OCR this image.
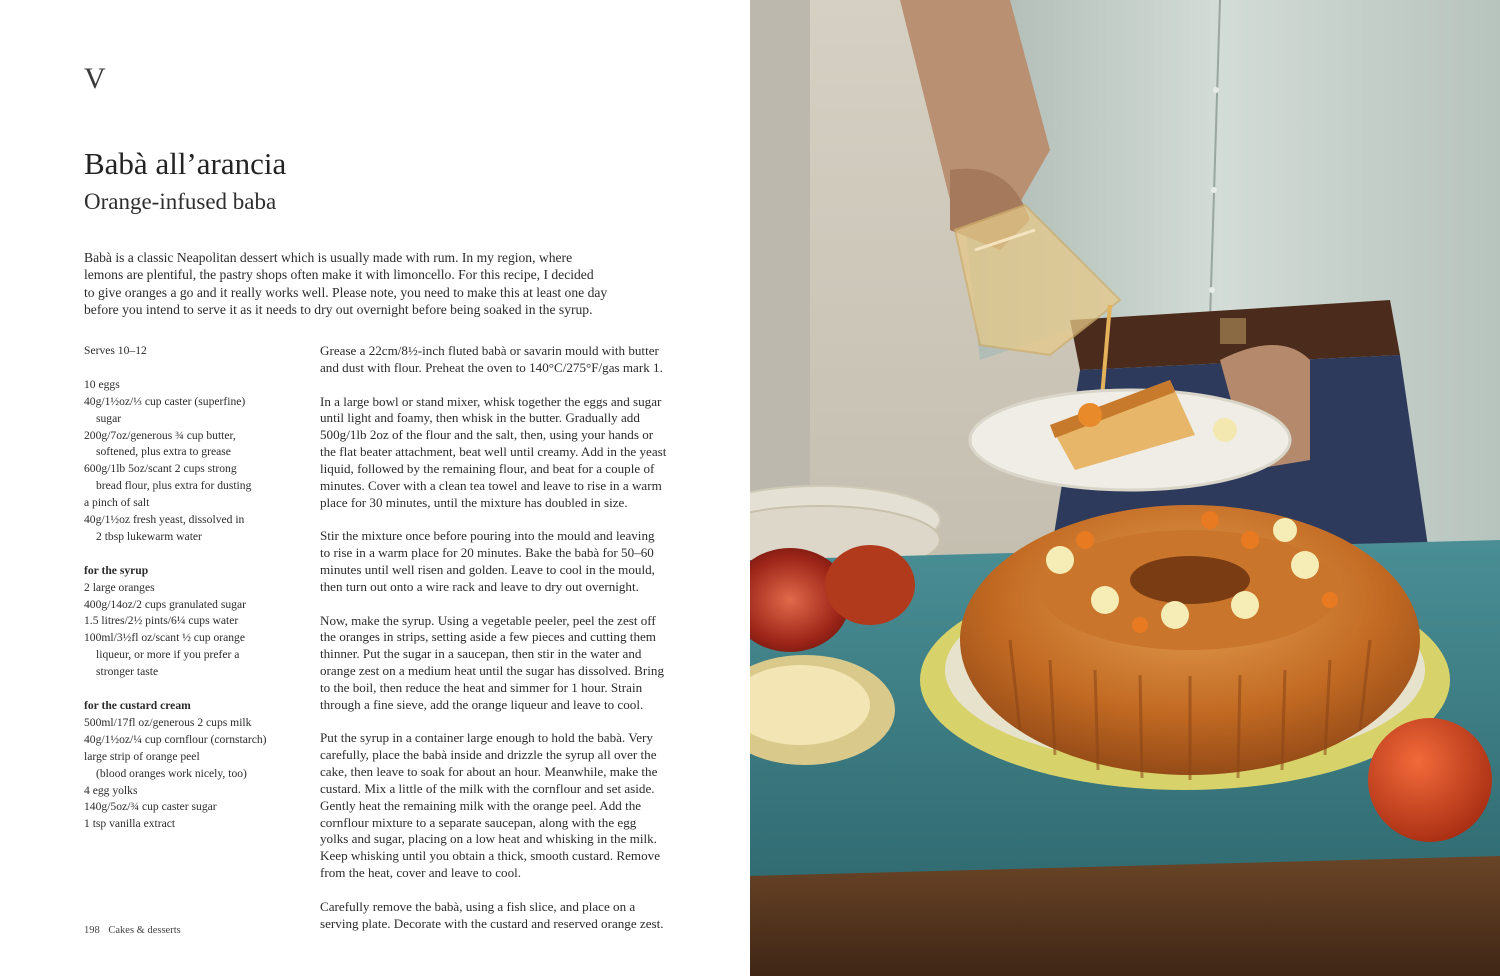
V
Babà all’arancia
Orange-infused baba
Babà is a classic Neapolitan dessert which is usually made with rum. In my region, where
lemons are plentiful, the pastry shops often make it with limoncello. For this recipe, I decided
to give oranges a go and it really works well. Please note, you need to make this at least one day
before you intend to serve it as it needs to dry out overnight before being soaked in the syrup.
Serves 10–12
10 eggs
40g/1½oz/⅓ cup caster (superfine)
sugar
200g/7oz/generous ¾ cup butter,
softened, plus extra to grease
600g/1lb 5oz/scant 2 cups strong
bread flour, plus extra for dusting
a pinch of salt
40g/1½oz fresh yeast, dissolved in
2 tbsp lukewarm water
for the syrup
2 large oranges
400g/14oz/2 cups granulated sugar
1.5 litres/2½ pints/6¼ cups water
100ml/3½fl oz/scant ½ cup orange
liqueur, or more if you prefer a
stronger taste
for the custard cream
500ml/17fl oz/generous 2 cups milk
40g/1½oz/¼ cup cornflour (cornstarch)
large strip of orange peel
(blood oranges work nicely, too)
4 egg yolks
140g/5oz/¾ cup caster sugar
1 tsp vanilla extract
Grease a 22cm/8½-inch fluted babà or savarin mould with butter
and dust with flour. Preheat the oven to 140°C/275°F/gas mark 1.
In a large bowl or stand mixer, whisk together the eggs and sugar
until light and foamy, then whisk in the butter. Gradually add
500g/1lb 2oz of the flour and the salt, then, using your hands or
the flat beater attachment, beat well until creamy. Add in the yeast
liquid, followed by the remaining flour, and beat for a couple of
minutes. Cover with a clean tea towel and leave to rise in a warm
place for 30 minutes, until the mixture has doubled in size.
Stir the mixture once before pouring into the mould and leaving
to rise in a warm place for 20 minutes. Bake the babà for 50–60
minutes until well risen and golden. Leave to cool in the mould,
then turn out onto a wire rack and leave to dry out overnight.
Now, make the syrup. Using a vegetable peeler, peel the zest off
the oranges in strips, setting aside a few pieces and cutting them
thinner. Put the sugar in a saucepan, then stir in the water and
orange zest on a medium heat until the sugar has dissolved. Bring
to the boil, then reduce the heat and simmer for 1 hour. Strain
through a fine sieve, add the orange liqueur and leave to cool.
Put the syrup in a container large enough to hold the babà. Very
carefully, place the babà inside and drizzle the syrup all over the
cake, then leave to soak for about an hour. Meanwhile, make the
custard. Mix a little of the milk with the cornflour and set aside.
Gently heat the remaining milk with the orange peel. Add the
cornflour mixture to a separate saucepan, along with the egg
yolks and sugar, placing on a low heat and whisking in the milk.
Keep whisking until you obtain a thick, smooth custard. Remove
from the heat, cover and leave to cool.
Carefully remove the babà, using a fish slice, and place on a
serving plate. Decorate with the custard and reserved orange zest.
198 Cakes & desserts
